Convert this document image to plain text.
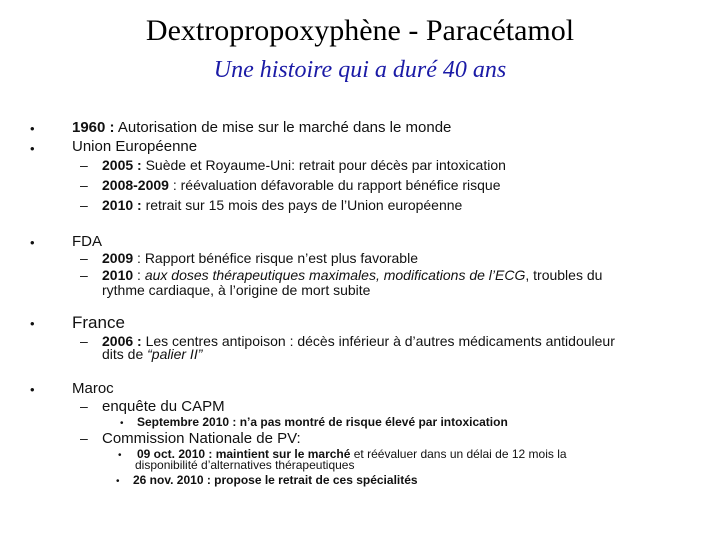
Dextropropoxyphène - Paracétamol
Une histoire qui a duré 40 ans
• 1960 : Autorisation de mise sur le marché dans le monde
• Union Européenne
– 2005 : Suède et Royaume-Uni: retrait pour décès par intoxication
– 2008-2009 : réévaluation défavorable du rapport bénéfice risque
– 2010 : retrait sur 15 mois des pays de l’Union européenne
• FDA
– 2009 : Rapport bénéfice risque n’est plus favorable
– 2010 : aux doses thérapeutiques maximales, modifications de l’ECG, troubles du
rythme cardiaque, à l’origine de mort subite
• France
– 2006 : Les centres antipoison : décès inférieur à d’autres médicaments antidouleur
dits de “palier II”
• Maroc
– enquête du CAPM
• Septembre 2010 : n’a pas montré de risque élevé par intoxication
– Commission Nationale de PV:
• 09 oct. 2010 : maintient sur le marché et réévaluer dans un délai de 12 mois la
disponibilité d’alternatives thérapeutiques
• 26 nov. 2010 : propose le retrait de ces spécialités
